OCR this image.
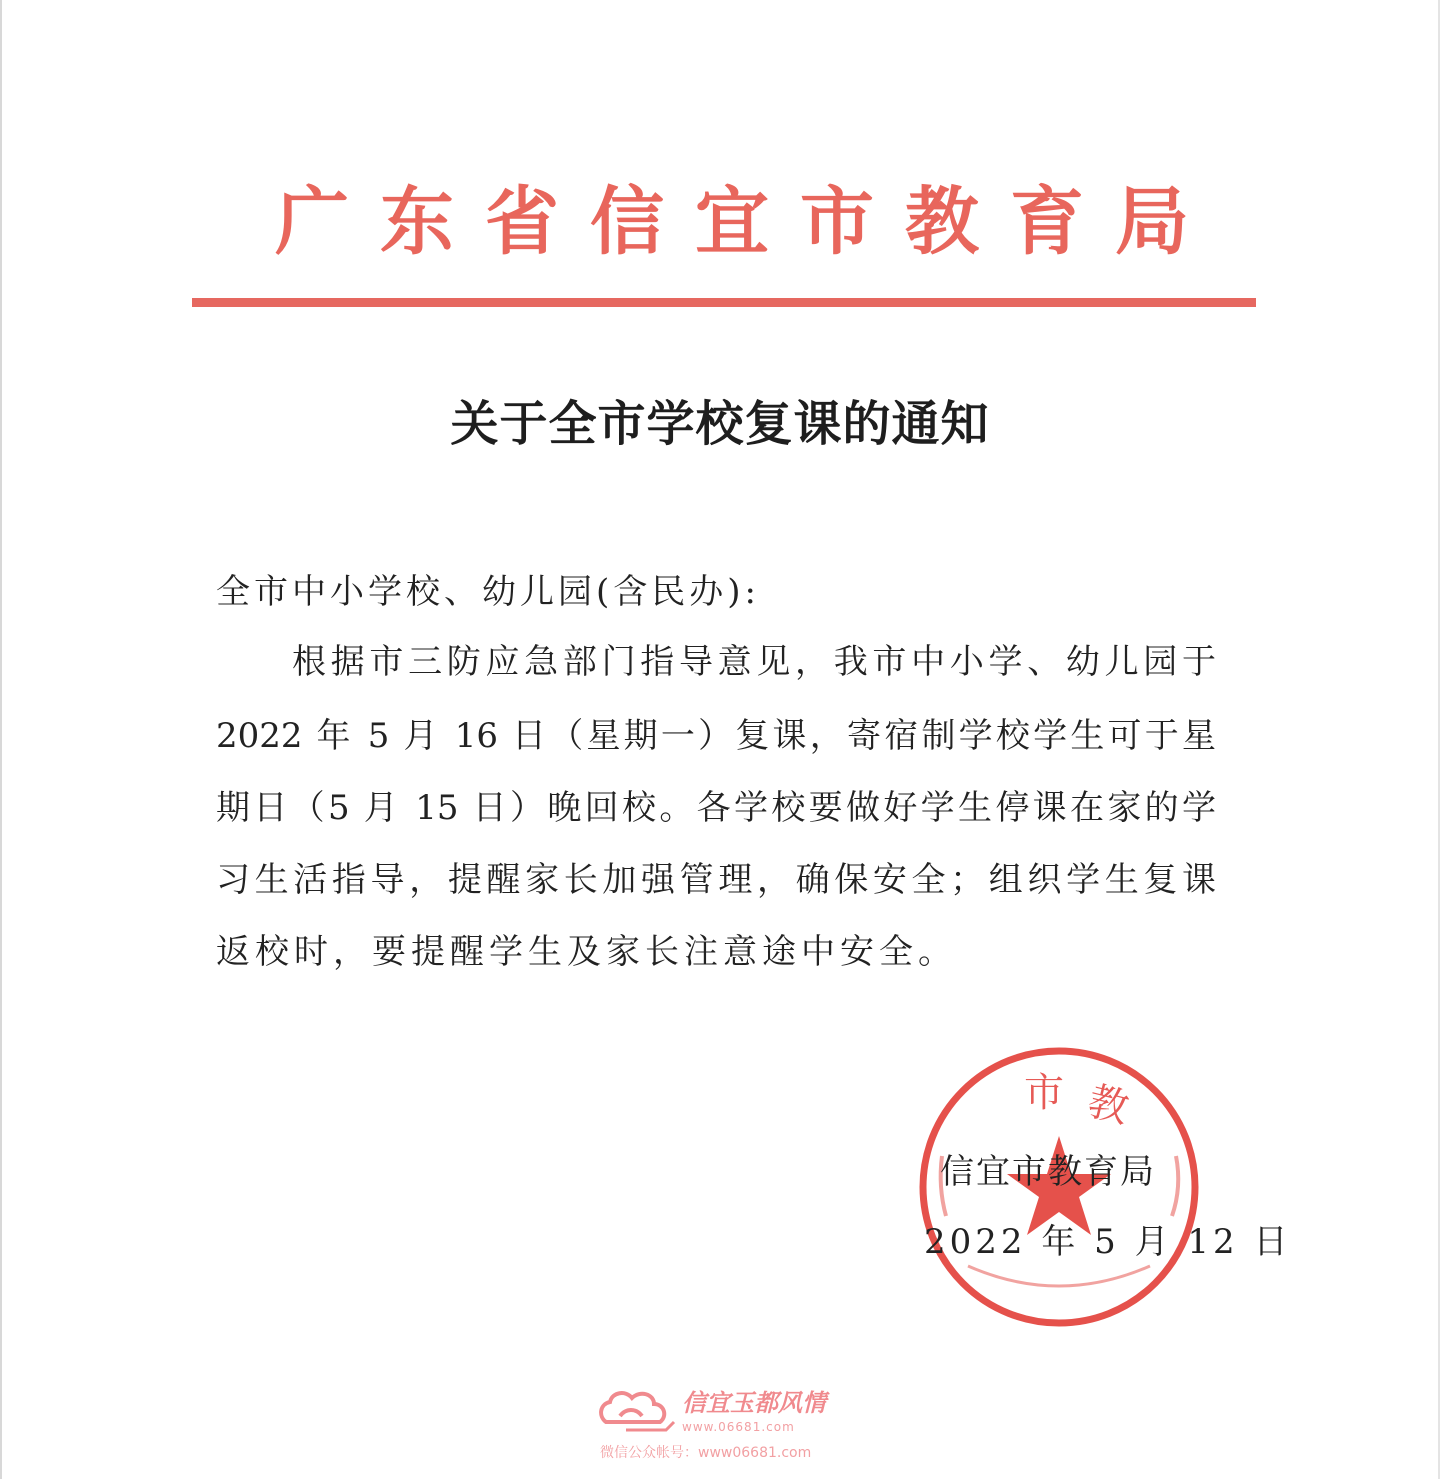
广东省信宜市教育局
关于全市学校复课的通知

全市中小学校、幼儿园(含民办):

根据市三防应急部门指导意见，我市中小学、幼儿园于

2022 年 5 月 16 日（星期一）复课，寄宿制学校学生可于星

期日（5 月 15 日）晚回校。各学校要做好学生停课在家的学

习生活指导，提醒家长加强管理，确保安全；组织学生复课

返校时，要提醒学生及家长注意途中安全。

市 教

信宜市教育局

2022 年 5 月 12 日

信宜玉都风情

www.06681.com

微信公众帐号：www06681.com
